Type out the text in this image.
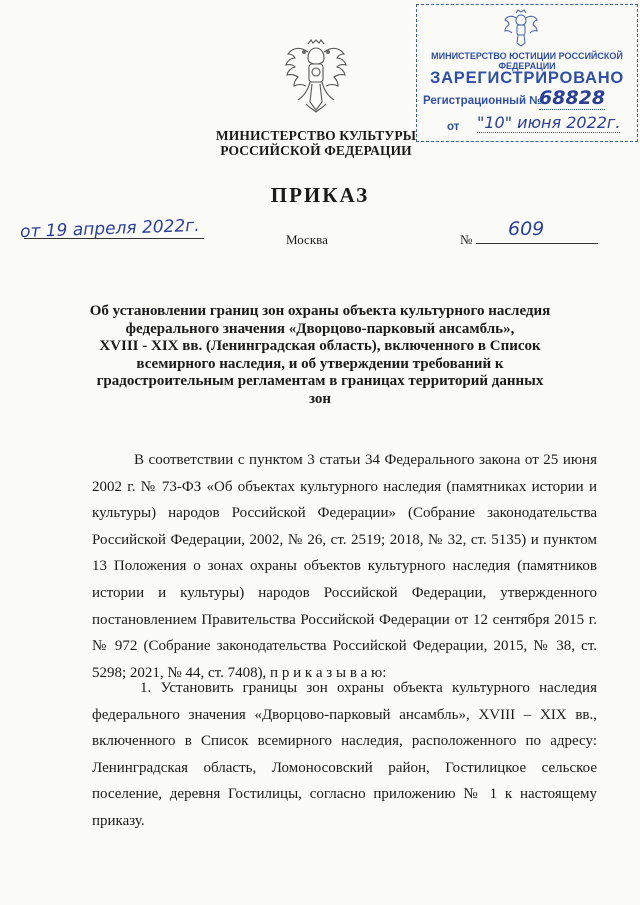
МИНИСТЕРСТВО КУЛЬТУРЫ
РОССИЙСКОЙ ФЕДЕРАЦИИ
МИНИСТЕРСТВО ЮСТИЦИИ РОССИЙСКОЙ ФЕДЕРАЦИИ
ЗАРЕГИСТРИРОВАНО
Регистрационный №
68828
от "10" июня 2022г.
ПРИКАЗ
от 19 апреля 2022г.	Москва	№ 609
Об установлении границ зон охраны объекта культурного наследия
федерального значения «Дворцово-парковый ансамбль»,
XVIII - XIX вв. (Ленинградская область), включенного в Список
всемирного наследия, и об утверждении требований к
градостроительным регламентам в границах территорий данных зон
В соответствии с пунктом 3 статьи 34 Федерального закона от 25 июня 2002 г. № 73-ФЗ «Об объектах культурного наследия (памятниках истории и культуры) народов Российской Федерации» (Собрание законодательства Российской Федерации, 2002, № 26, ст. 2519; 2018, № 32, ст. 5135) и пунктом 13 Положения о зонах охраны объектов культурного наследия (памятников истории и культуры) народов Российской Федерации, утвержденного постановлением Правительства Российской Федерации от 12 сентября 2015 г. № 972 (Собрание законодательства Российской Федерации, 2015, № 38, ст. 5298; 2021, № 44, ст. 7408), п р и к а з ы в а ю:
1. Установить границы зон охраны объекта культурного наследия федерального значения «Дворцово-парковый ансамбль», XVIII – XIX вв., включенного в Список всемирного наследия, расположенного по адресу: Ленинградская область, Ломоносовский район, Гостилицкое сельское поселение, деревня Гостилицы, согласно приложению № 1 к настоящему приказу.
